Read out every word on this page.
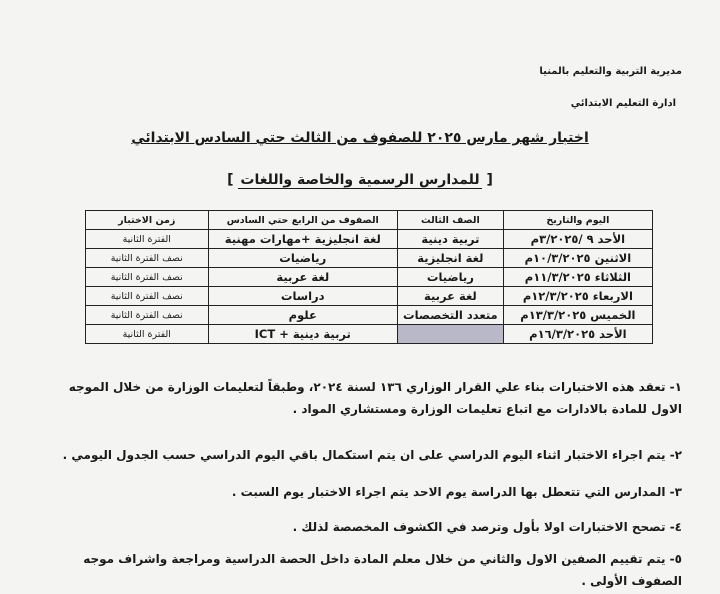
مديرية التربية والتعليم بالمنيا
ادارة التعليم الابتدائي
اختبار شهر مارس ٢٠٢٥ للصفوف من الثالث حتي السادس الابتدائي
[ للمدارس الرسمية والخاصة واللغات ]
اليوم والتاريخ	الصف الثالث	الصفوف من الرابع حتي السادس	زمن الاختبار
الأحد ٩ /٣/٢٠٢٥م	تربية دينية	لغة انجليزية +مهارات مهنية	الفترة الثانية
الاثنين ١٠/٣/٢٠٢٥م	لغة انجليزية	رياضيات	نصف الفترة الثانية
الثلاثاء ١١/٣/٢٠٢٥م	رياضيات	لغة عربية	نصف الفترة الثانية
الاربعاء ١٢/٣/٢٠٢٥م	لغة عربية	دراسات	نصف الفترة الثانية
الخميس ١٣/٣/٢٠٢٥م	متعدد التخصصات	علوم	نصف الفترة الثانية
الأحد ١٦/٣/٢٠٢٥م		تربية دينية + ICT	الفترة الثانية
١- تعقد هذه الاختبارات بناء علي القرار الوزاري ١٣٦ لسنة ٢٠٢٤، وطبقاً لتعليمات الوزارة من خلال الموجه الاول للمادة بالادارات مع اتباع تعليمات الوزارة ومستشاري المواد .
٢- يتم اجراء الاختبار اثناء اليوم الدراسي على ان يتم استكمال باقي اليوم الدراسي حسب الجدول اليومي .
٣- المدارس التي تتعطل بها الدراسة يوم الاحد يتم اجراء الاختبار يوم السبت .
٤- تصحح الاختبارات اولا بأول وترصد في الكشوف المخصصة لذلك .
٥- يتم تقييم الصفين الاول والثاني من خلال معلم المادة داخل الحصة الدراسية ومراجعة واشراف موجه الصفوف الأولى .
